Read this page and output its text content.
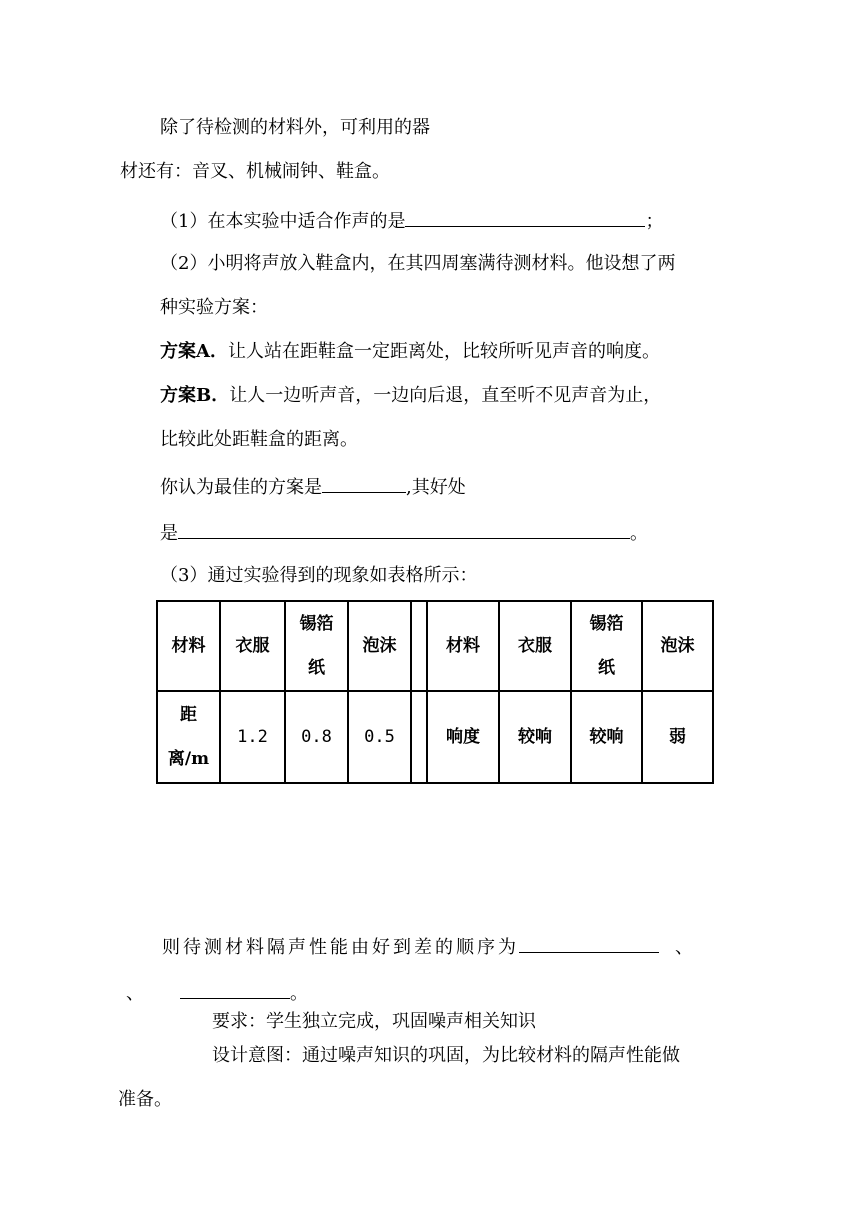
除了待检测的材料外，可利用的器
材还有：音叉、机械闹钟、鞋盒。
（1）在本实验中适合作声的是	；
（2）小明将声放入鞋盒内，在其四周塞满待测材料。他设想了两
种实验方案：
方案A．让人站在距鞋盒一定距离处，比较所听见声音的响度。
方案B．让人一边听声音，一边向后退，直至听不见声音为止，
比较此处距鞋盒的距离。
你认为最佳的方案是	,其好处
是	。
（3）通过实验得到的现象如表格所示：
材料	衣服	锡箔纸	泡沫		材料	衣服	锡箔纸	泡沫
距离/m	1.2	0.8	0.5		响度	较响	较响	弱
则待测材料隔声性能由好到差的顺序为	、
、	。
要求：学生独立完成，巩固噪声相关知识
设计意图：通过噪声知识的巩固，为比较材料的隔声性能做
准备。
